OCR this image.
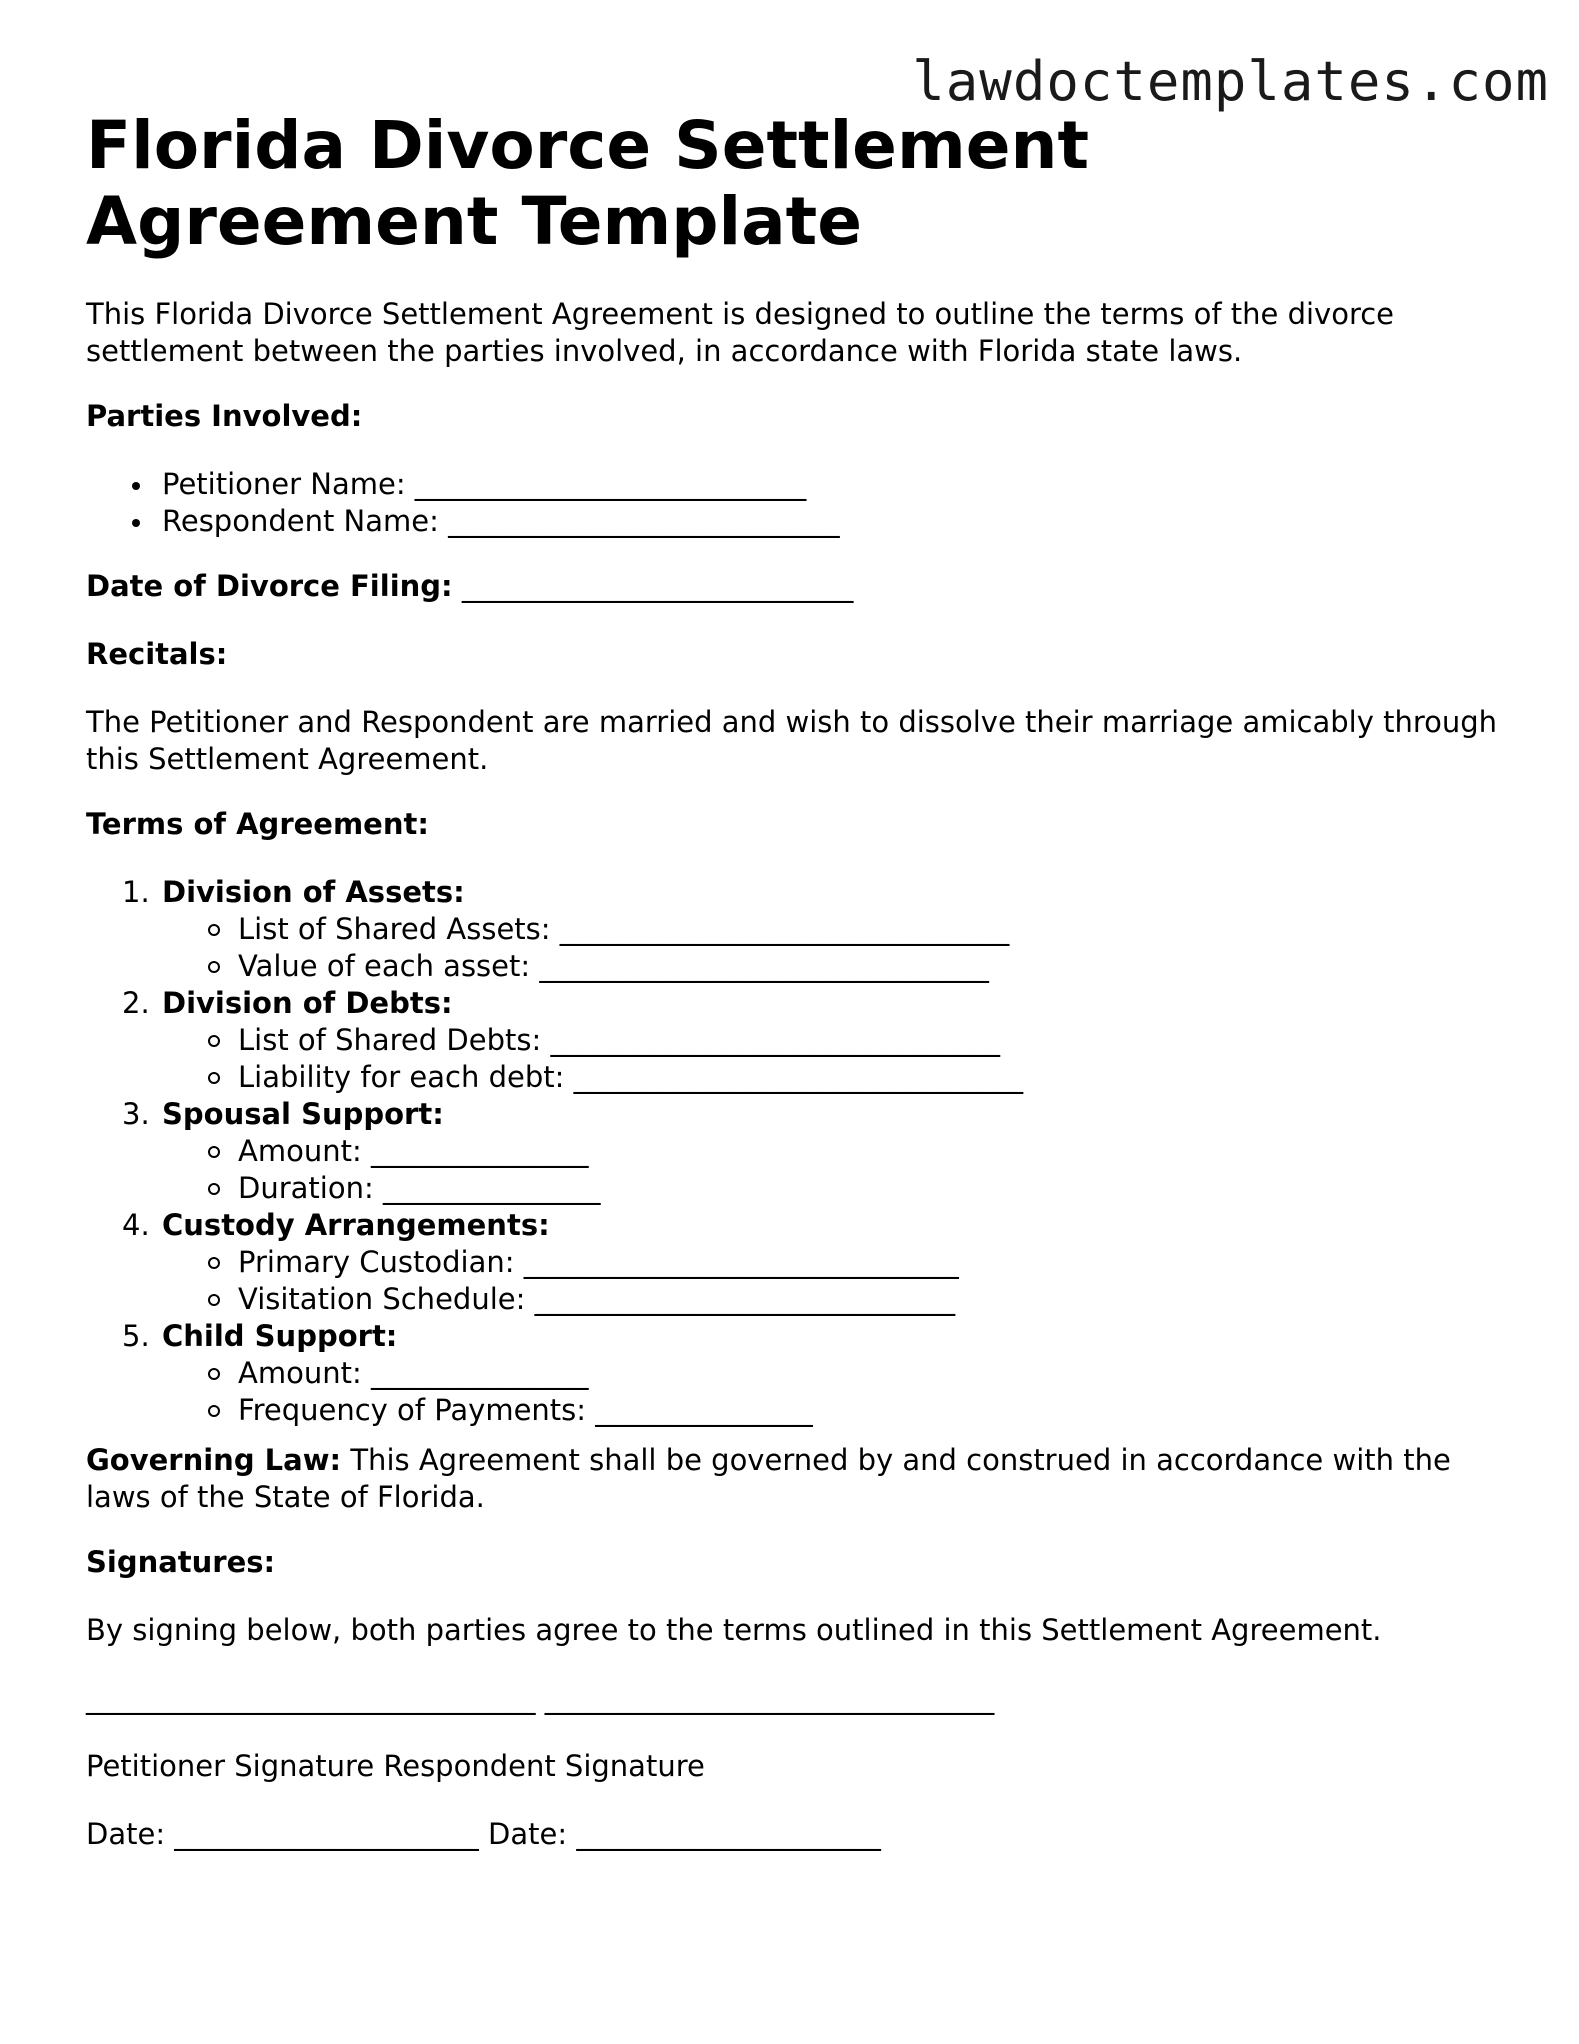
lawdoctemplates.com
Florida Divorce Settlement Agreement Template
This Florida Divorce Settlement Agreement is designed to outline the terms of the divorce settlement between the parties involved, in accordance with Florida state laws.
Parties Involved:
Petitioner Name: ___________________________
Respondent Name: ___________________________
Date of Divorce Filing: ___________________________
Recitals:
The Petitioner and Respondent are married and wish to dissolve their marriage amicably through this Settlement Agreement.
Terms of Agreement:
1. Division of Assets:
List of Shared Assets: _______________________________
Value of each asset: _______________________________
2. Division of Debts:
List of Shared Debts: _______________________________
Liability for each debt: _______________________________
3. Spousal Support:
Amount: _______________
Duration: _______________
4. Custody Arrangements:
Primary Custodian: ______________________________
Visitation Schedule: _____________________________
5. Child Support:
Amount: _______________
Frequency of Payments: _______________
Governing Law: This Agreement shall be governed by and construed in accordance with the laws of the State of Florida.
Signatures:
By signing below, both parties agree to the terms outlined in this Settlement Agreement.
_______________________________ _______________________________
Petitioner Signature Respondent Signature
Date: _____________________ Date: _____________________
